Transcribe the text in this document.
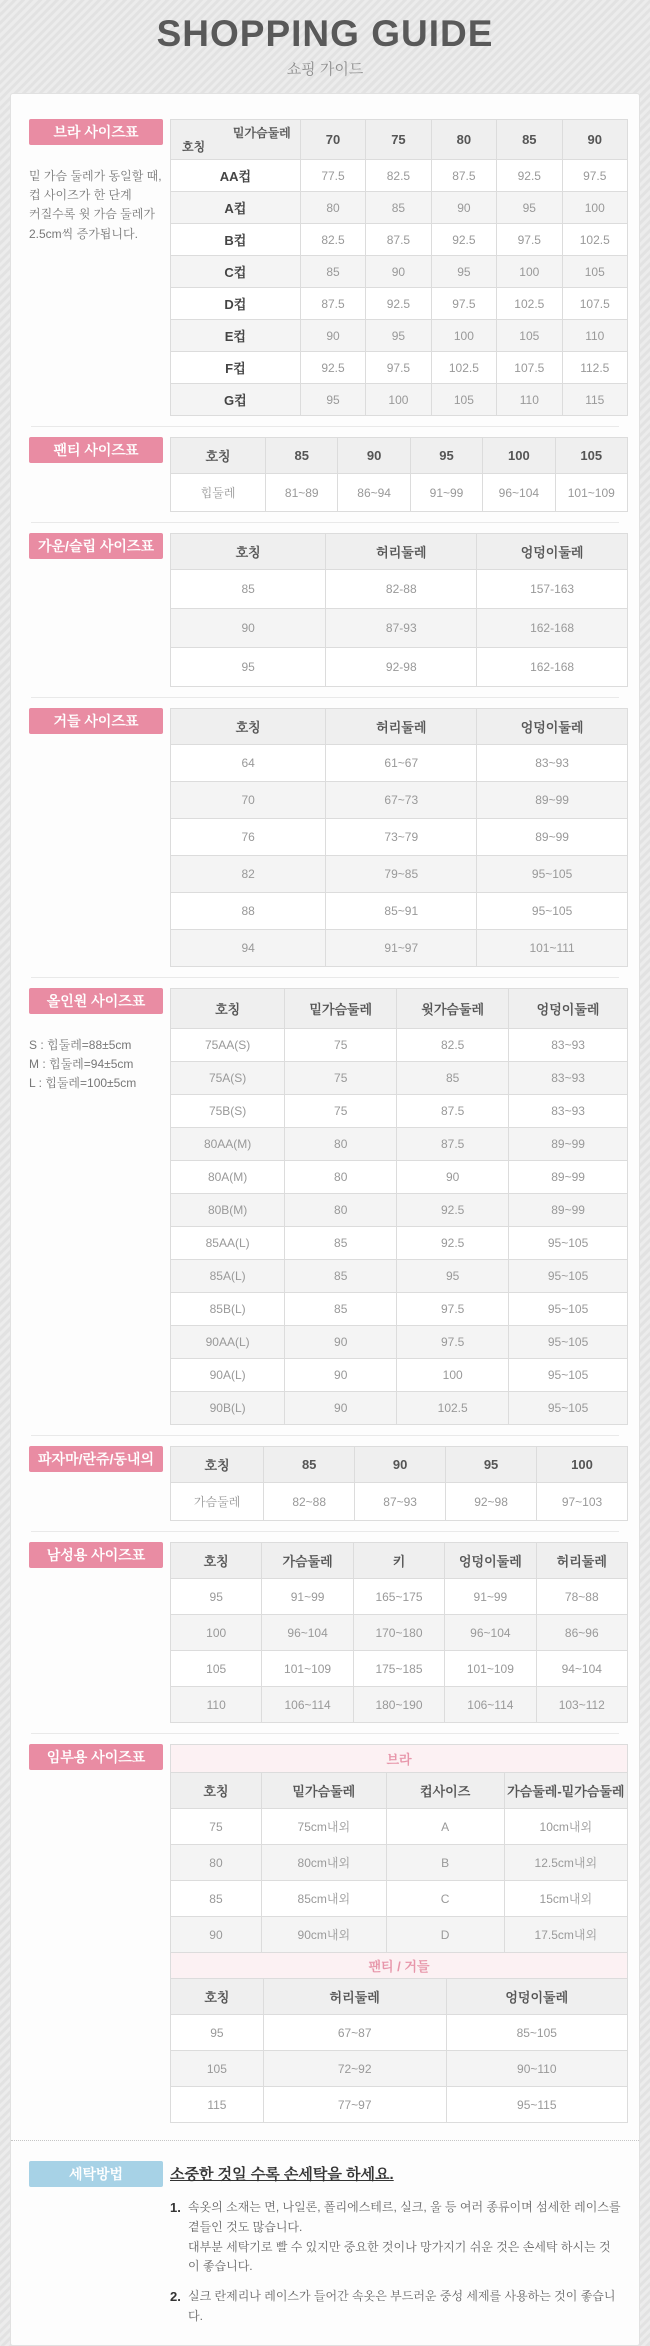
SHOPPING GUIDE
쇼핑 가이드
브라 사이즈표
밑 가슴 둘레가 동일할 때,
컵 사이즈가 한 단계
커질수록 윗 가슴 둘레가
2.5cm씩 증가됩니다.
밑가슴둘레
호칭	70	75	80	85	90
AA컵	77.5	82.5	87.5	92.5	97.5
A컵	80	85	90	95	100
B컵	82.5	87.5	92.5	97.5	102.5
C컵	85	90	95	100	105
D컵	87.5	92.5	97.5	102.5	107.5
E컵	90	95	100	105	110
F컵	92.5	97.5	102.5	107.5	112.5
G컵	95	100	105	110	115
팬티 사이즈표	호칭	85	90	95	100	105
힙둘레	81~89	86~94	91~99	96~104	101~109
가운/슬립 사이즈표	호칭	허리둘레	엉덩이둘레
85	82-88	157-163
90	87-93	162-168
95	92-98	162-168
거들 사이즈표	호칭	허리둘레	엉덩이둘레
64	61~67	83~93
70	67~73	89~99
76	73~79	89~99
82	79~85	95~105
88	85~91	95~105
94	91~97	101~111
올인원 사이즈표
S : 힙둘레=88±5cm
M : 힙둘레=94±5cm
L : 힙둘레=100±5cm
호칭	밑가슴둘레	윗가슴둘레	엉덩이둘레
75AA(S)	75	82.5	83~93
75A(S)	75	85	83~93
75B(S)	75	87.5	83~93
80AA(M)	80	87.5	89~99
80A(M)	80	90	89~99
80B(M)	80	92.5	89~99
85AA(L)	85	92.5	95~105
85A(L)	85	95	95~105
85B(L)	85	97.5	95~105
90AA(L)	90	97.5	95~105
90A(L)	90	100	95~105
90B(L)	90	102.5	95~105
파자마/란쥬/동내의	호칭	85	90	95	100
가슴둘레	82~88	87~93	92~98	97~103
남성용 사이즈표	호칭	가슴둘레	키	엉덩이둘레	허리둘레
95	91~99	165~175	91~99	78~88
100	96~104	170~180	96~104	86~96
105	101~109	175~185	101~109	94~104
110	106~114	180~190	106~114	103~112
임부용 사이즈표	브라			
호칭	밑가슴둘레	컵사이즈	가슴둘레-밑가슴둘레
75	75cm내외	A	10cm내외
80	80cm내외	B	12.5cm내외
85	85cm내외	C	15cm내외
90	90cm내외	D	17.5cm내외
팬티 / 거들		
호칭	허리둘레	엉덩이둘레
95	67~87	85~105
105	72~92	90~110
115	77~97	95~115
세탁방법	소중한 것일 수록 손세탁을 하세요.
1. 속옷의 소재는 면, 나일론, 폴리에스테르, 실크, 울 등 여러 종류이며 섬세한 레이스를 곁들인 것도 많습니다.
대부분 세탁기로 빨 수 있지만 중요한 것이나 망가지기 쉬운 것은 손세탁 하시는 것이 좋습니다.
2. 실크 란제리나 레이스가 들어간 속옷은 부드러운 중성 세제를 사용하는 것이 좋습니다.
